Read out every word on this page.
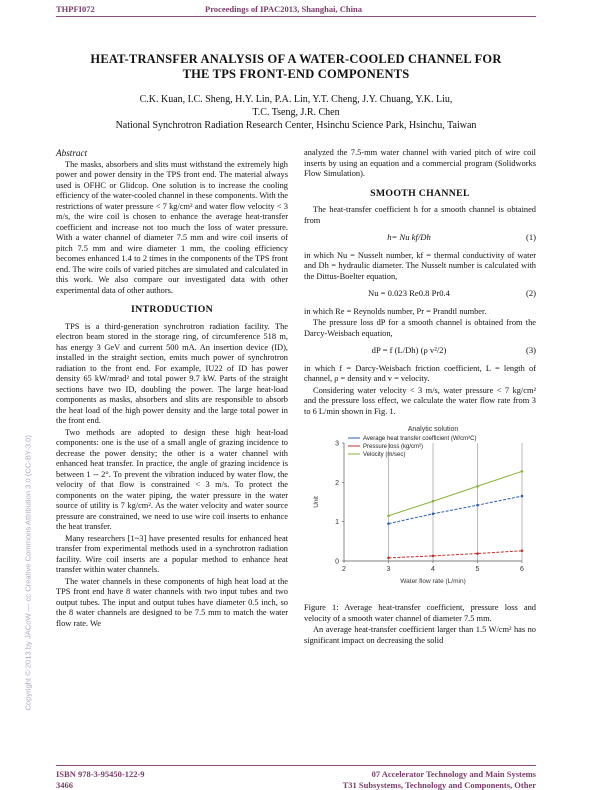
THPFI072	Proceedings of IPAC2013, Shanghai, China
HEAT-TRANSFER ANALYSIS OF A WATER-COOLED CHANNEL FOR
THE TPS FRONT-END COMPONENTS
C.K. Kuan, I.C. Sheng, H.Y. Lin, P.A. Lin, Y.T. Cheng, J.Y. Chuang, Y.K. Liu,
T.C. Tseng, J.R. Chen
National Synchrotron Radiation Research Center, Hsinchu Science Park, Hsinchu, Taiwan
Abstract

The masks, absorbers and slits must withstand the extremely high power and power density in the TPS front end. The material always used is OFHC or Glidcop. One solution is to increase the cooling efficiency of the water-cooled channel in these components. With the restrictions of water pressure < 7 kg/cm² and water flow velocity < 3 m/s, the wire coil is chosen to enhance the average heat-transfer coefficient and increase not too much the loss of water pressure. With a water channel of diameter 7.5 mm and wire coil inserts of pitch 7.5 mm and wire diameter 1 mm, the cooling efficiency becomes enhanced 1.4 to 2 times in the components of the TPS front end. The wire coils of varied pitches are simulated and calculated in this work. We also compare our investigated data with other experimental data of other authors.

INTRODUCTION

TPS is a third-generation synchrotron radiation facility. The electron beam stored in the storage ring, of circumference 518 m, has energy 3 GeV and current 500 mA. An insertion device (ID), installed in the straight section, emits much power of synchrotron radiation to the front end. For example, IU22 of ID has power density 65 kW/mrad² and total power 9.7 kW. Parts of the straight sections have two ID, doubling the power. The large heat-load components as masks, absorbers and slits are responsible to absorb the heat load of the high power density and the large total power in the front end.

Two methods are adopted to design these high heat-load components: one is the use of a small angle of grazing incidence to decrease the power density; the other is a water channel with enhanced heat transfer. In practice, the angle of grazing incidence is between 1 -- 2°. To prevent the vibration induced by water flow, the velocity of that flow is constrained < 3 m/s. To protect the components on the water piping, the water pressure in the water source of utility is 7 kg/cm². As the water velocity and water source pressure are constrained, we need to use wire coil inserts to enhance the heat transfer.

Many researchers [1~3] have presented results for enhanced heat transfer from experimental methods used in a synchrotron radiation facility. Wire coil inserts are a popular method to enhance heat transfer within water channels.

The water channels in these components of high heat load at the TPS front end have 8 water channels with two input tubes and two output tubes. The input and output tubes have diameter 0.5 inch, so the 8 water channels are designed to be 7.5 mm to match the water flow rate. We

analyzed the 7.5-mm water channel with varied pitch of wire coil inserts by using an equation and a commercial program (Solidworks Flow Simulation).

SMOOTH CHANNEL

The heat-transfer coefficient h for a smooth channel is obtained from

h= Nu kf/Dh	(1)

in which Nu = Nusselt number, kf = thermal conductivity of water and Dh = hydraulic diameter. The Nusselt number is calculated with the Dittus-Boelter equation,

Nu = 0.023 Re0.8 Pr0.4	(2)

in which Re = Reynolds number, Pr = Prandtl number.

The pressure loss dP for a smooth channel is obtained from the Darcy-Weisbach equation,

dP = f (L/Dh) (ρ v²/2)	(3)

in which f = Darcy-Weisbach friction coefficient, L = length of channel, ρ = density and v = velocity.

Considering water velocity < 3 m/s, water pressure < 7 kg/cm² and the pressure loss effect, we calculate the water flow rate from 3 to 6 L/min shown in Fig. 1.

Analytic solution
0
1
2
3
2	3	4	5	6
Water flow rate (L/min)
Unit
Average heat transfer coefficient (W/cm²C)
Pressure loss (kg/cm²)
Velocity (m/sec)

Figure 1: Average heat-transfer coefficient, pressure loss and velocity of a smooth water channel of diameter 7.5 mm.

An average heat-transfer coefficient larger than 1.5 W/cm² has no significant impact on decreasing the solid

Copyright © 2013 by JACoW — cc Creative Commons Attribution 3.0 (CC-BY-3.0)
ISBN 978-3-95450-122-9
3466
07 Accelerator Technology and Main Systems
T31 Subsystems, Technology and Components, Other
